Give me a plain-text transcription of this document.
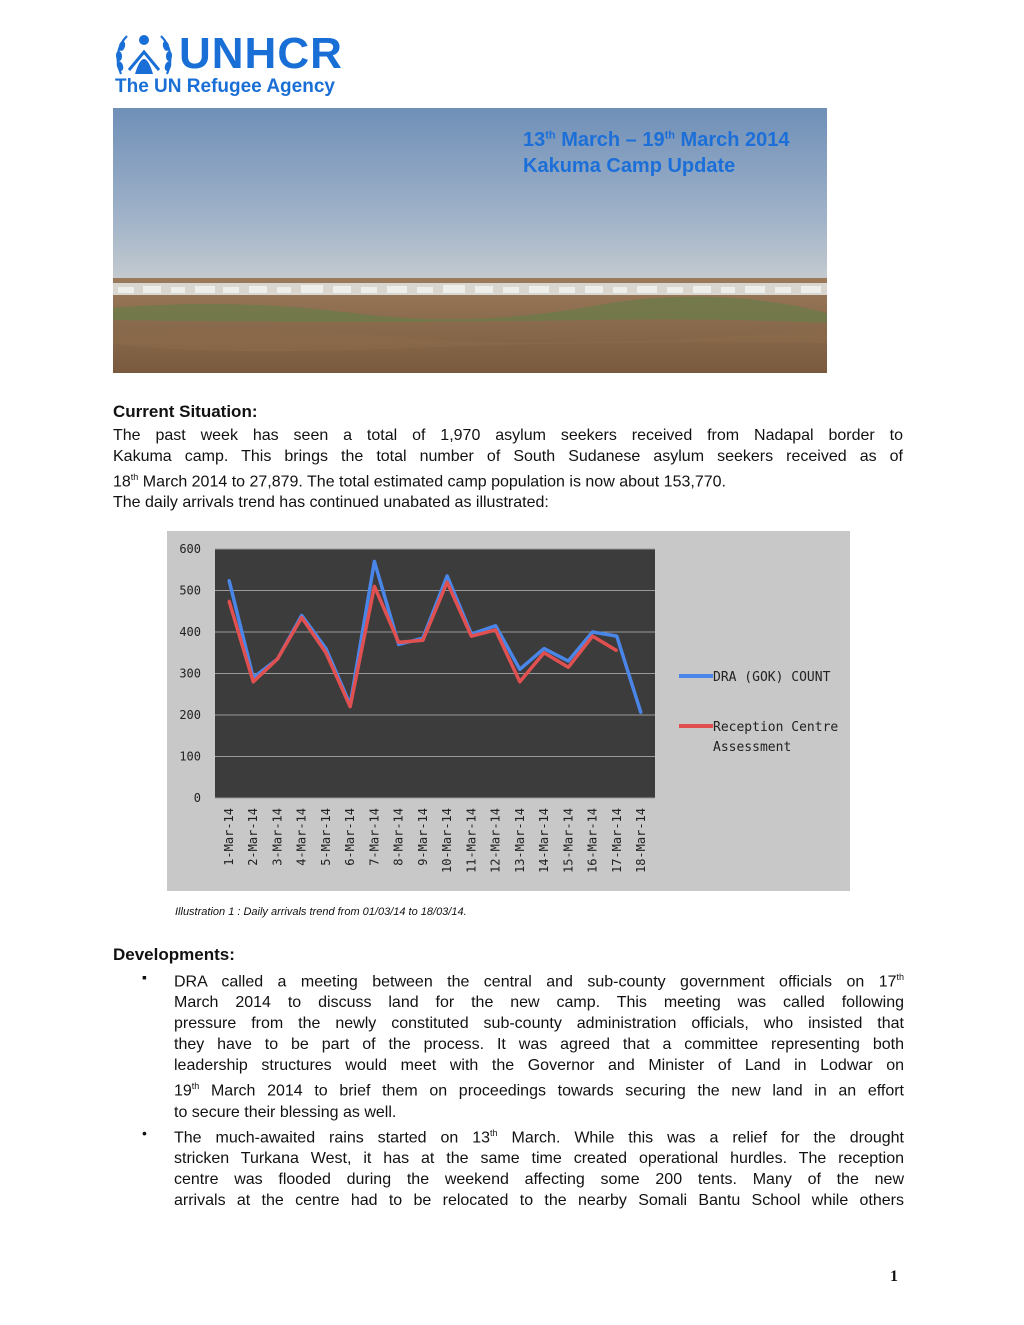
UNHCR
The UN Refugee Agency
13th March – 19th March 2014
Kakuma Camp Update
Current Situation:
The past week has seen a total of 1,970 asylum seekers received from Nadapal border to
Kakuma camp. This brings the total number of South Sudanese asylum seekers received as of
18th March 2014 to 27,879. The total estimated camp population is now about 153,770.
The daily arrivals trend has continued unabated as illustrated:
0
100
200
300
400
500
600
1-Mar-14 2-Mar-14 3-Mar-14 4-Mar-14 5-Mar-14 6-Mar-14 7-Mar-14 8-Mar-14 9-Mar-14 10-Mar-14 11-Mar-14 12-Mar-14 13-Mar-14 14-Mar-14 15-Mar-14 16-Mar-14 17-Mar-14 18-Mar-14
DRA (GOK) COUNT
Reception Centre
Assessment
Illustration 1 : Daily arrivals trend from 01/03/14 to 18/03/14.
Developments:
▪ DRA called a meeting between the central and sub-county government officials on 17th
March 2014 to discuss land for the new camp. This meeting was called following
pressure from the newly constituted sub-county administration officials, who insisted that
they have to be part of the process. It was agreed that a committee representing both
leadership structures would meet with the Governor and Minister of Land in Lodwar on
19th March 2014 to brief them on proceedings towards securing the new land in an effort
to secure their blessing as well.
• The much-awaited rains started on 13th March. While this was a relief for the drought
stricken Turkana West, it has at the same time created operational hurdles. The reception
centre was flooded during the weekend affecting some 200 tents. Many of the new
arrivals at the centre had to be relocated to the nearby Somali Bantu School while others
1
